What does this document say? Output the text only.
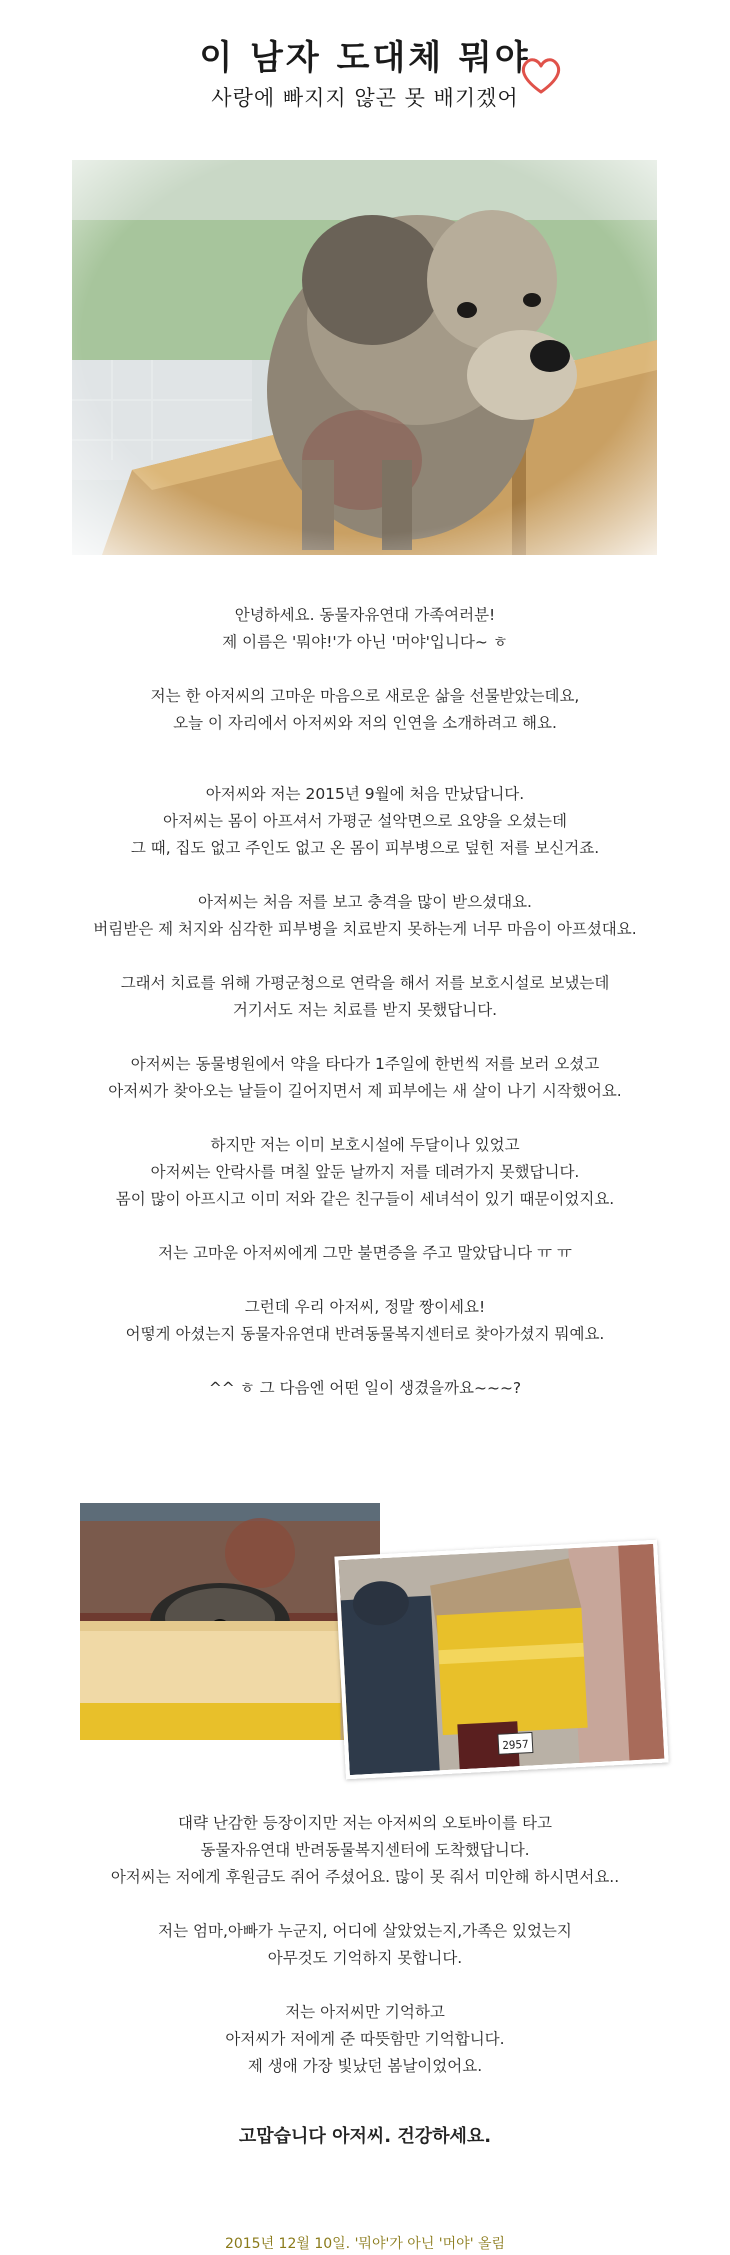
이 남자 도대체 뭐야
사랑에 빠지지 않곤 못 배기겠어

안녕하세요. 동물자유연대 가족여러분!

제 이름은 '뭐야!'가 아닌 '머야'입니다~ ㅎ

저는 한 아저씨의 고마운 마음으로 새로운 삶을 선물받았는데요,

오늘 이 자리에서 아저씨와 저의 인연을 소개하려고 해요.

아저씨와 저는 2015년 9월에 처음 만났답니다.

아저씨는 몸이 아프셔서 가평군 설악면으로 요양을 오셨는데

그 때, 집도 없고 주인도 없고 온 몸이 피부병으로 덮힌 저를 보신거죠.

아저씨는 처음 저를 보고 충격을 많이 받으셨대요.

버림받은 제 처지와 심각한 피부병을 치료받지 못하는게 너무 마음이 아프셨대요.

그래서 치료를 위해 가평군청으로 연락을 해서 저를 보호시설로 보냈는데

거기서도 저는 치료를 받지 못했답니다.

아저씨는 동물병원에서 약을 타다가 1주일에 한번씩 저를 보러 오셨고

아저씨가 찾아오는 날들이 길어지면서 제 피부에는 새 살이 나기 시작했어요.

하지만 저는 이미 보호시설에 두달이나 있었고

아저씨는 안락사를 며칠 앞둔 날까지 저를 데려가지 못했답니다.

몸이 많이 아프시고 이미 저와 같은 친구들이 세녀석이 있기 때문이었지요.

저는 고마운 아저씨에게 그만 불면증을 주고 말았답니다 ㅠ ㅠ

그런데 우리 아저씨, 정말 짱이세요!

어떻게 아셨는지 동물자유연대 반려동물복지센터로 찾아가셨지 뭐예요.

^^ ㅎ 그 다음엔 어떤 일이 생겼을까요~~~?

2957

대략 난감한 등장이지만 저는 아저씨의 오토바이를 타고

동물자유연대 반려동물복지센터에 도착했답니다.

아저씨는 저에게 후원금도 쥐어 주셨어요. 많이 못 줘서 미안해 하시면서요..

저는 엄마,아빠가 누군지, 어디에 살았었는지,가족은 있었는지

아무것도 기억하지 못합니다.

저는 아저씨만 기억하고

아저씨가 저에게 준 따뜻함만 기억합니다.

제 생애 가장 빛났던 봄날이었어요.

고맙습니다 아저씨. 건강하세요.
2015년 12월 10일. '뭐야'가 아닌 '머야' 올림
